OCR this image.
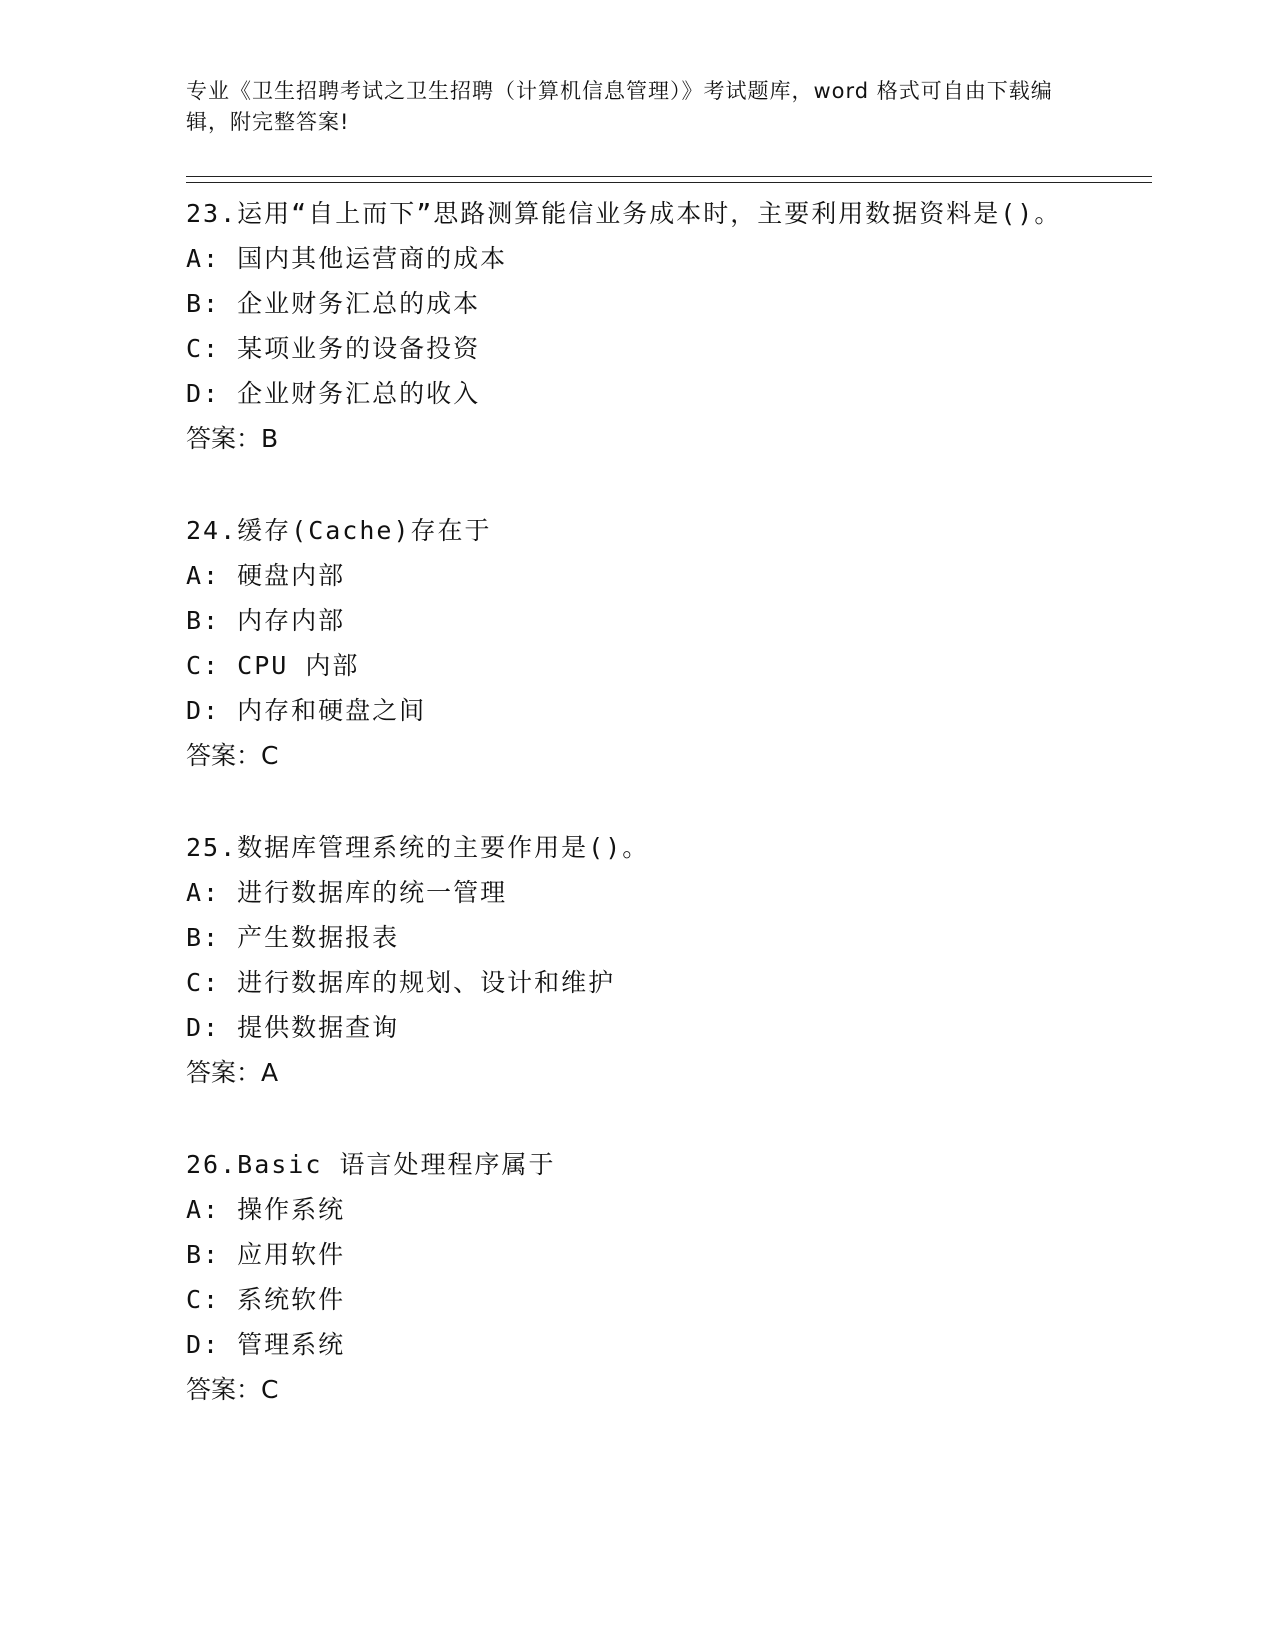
专业《卫生招聘考试之卫生招聘（计算机信息管理）》考试题库，word 格式可自由下载编辑，附完整答案!
23.运用“自上而下”思路测算能信业务成本时，主要利用数据资料是()。
A: 国内其他运营商的成本
B: 企业财务汇总的成本
C: 某项业务的设备投资
D: 企业财务汇总的收入
答案：B
24.缓存(Cache)存在于
A: 硬盘内部
B: 内存内部
C: CPU 内部
D: 内存和硬盘之间
答案：C
25.数据库管理系统的主要作用是()。
A: 进行数据库的统一管理
B: 产生数据报表
C: 进行数据库的规划、设计和维护
D: 提供数据查询
答案：A
26.Basic 语言处理程序属于
A: 操作系统
B: 应用软件
C: 系统软件
D: 管理系统
答案：C
